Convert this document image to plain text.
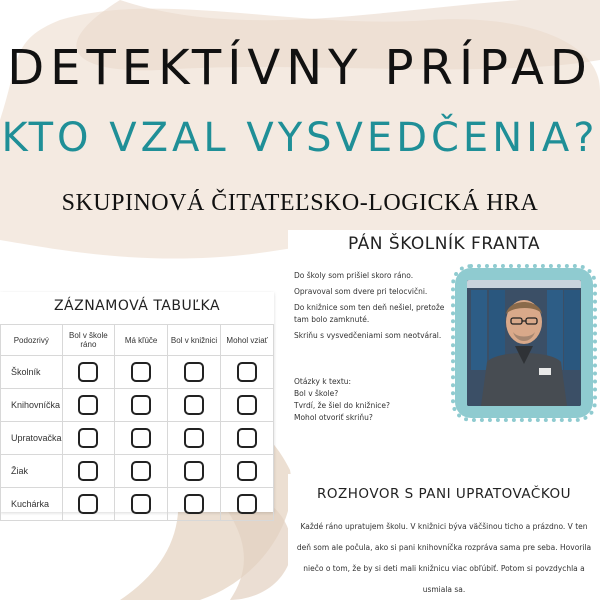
DETEKTÍVNY PRÍPAD
KTO VZAL VYSVEDČENIA?
SKUPINOVÁ ČITATEĽSKO-LOGICKÁ HRA
ZÁZNAMOVÁ TABUĽKA
Podozrivý	Bol v škole ráno	Má kľúče	Bol v knižnici	Mohol vziať
Školník				
Knihovníčka				
Upratovačka				
Žiak				
Kuchárka				
PÁN ŠKOLNÍK FRANTA

Do školy som prišiel skoro ráno.

Opravoval som dvere pri telocvični.

Do knižnice som ten deň nešiel, pretože tam bolo zamknuté.

Skriňu s vysvedčeniami som neotváral.

Otázky k textu:
Bol v škole?
Tvrdí, že šiel do knižnice?
Mohol otvoriť skriňu?
ROZHOVOR S PANI UPRATOVAČKOU
Každé ráno upratujem školu. V knižnici býva väčšinou ticho a prázdno. V ten deň som ale počula, ako si pani knihovníčka rozpráva sama pre seba. Hovorila niečo o tom, že by si deti mali knižnicu viac obľúbiť. Potom si povzdychla a usmiala sa.
